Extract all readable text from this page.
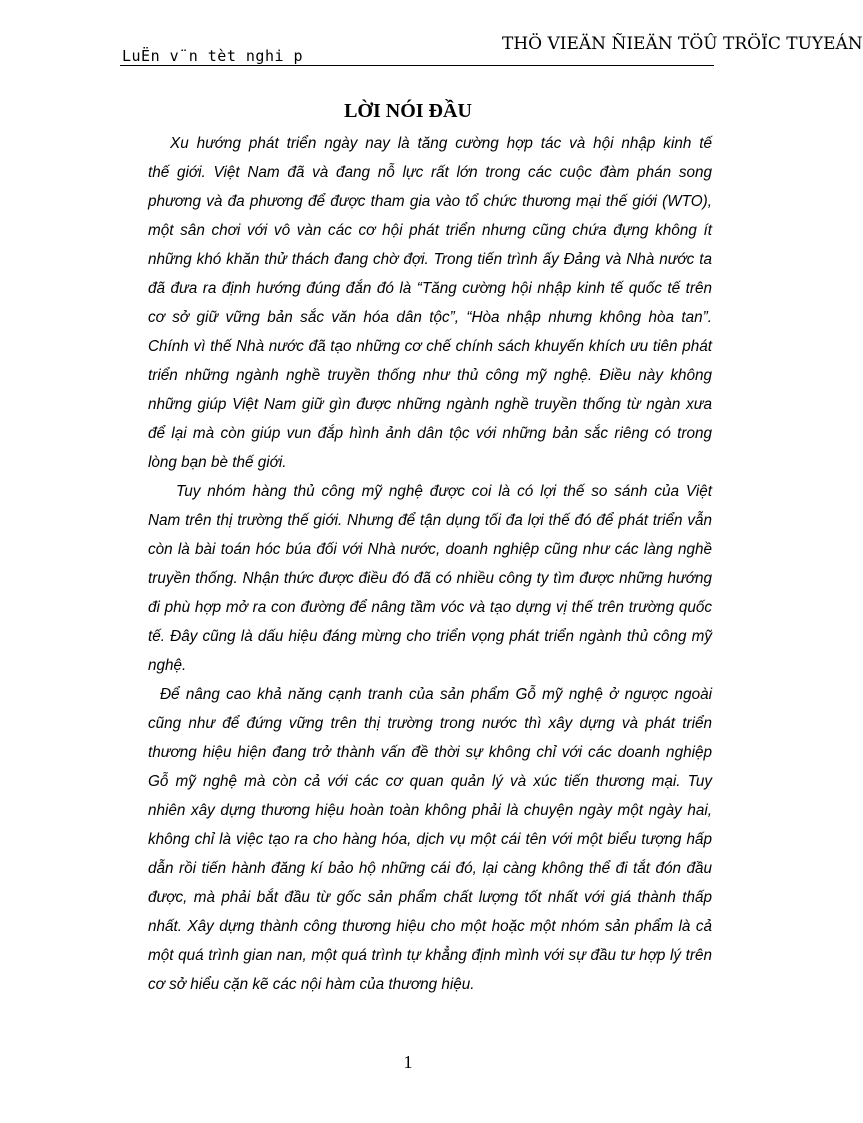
LuËn v¨n tèt nghi p
THÖ VIEÄN ÑIEÄN TÖÛ TRÖÏC TUYEÁN
LỜI NÓI ĐẦU
Xu hướng phát triển ngày nay là tăng cường hợp tác và hội nhập kinh tế
thế giới. Việt Nam đã và đang nỗ lực rất lớn trong các cuộc đàm phán song
phương và đa phương để được tham gia vào tổ chức thương mại thế giới (WTO),
một sân chơi với vô vàn các cơ hội phát triển nhưng cũng chứa đựng không ít
những khó khăn thử thách đang chờ đợi. Trong tiến trình ấy Đảng và Nhà nước ta
đã đưa ra định hướng đúng đắn đó là “Tăng cường hội nhập kinh tế quốc tế trên
cơ sở giữ vững bản sắc văn hóa dân tộc”, “Hòa nhập nhưng không hòa tan”.
Chính vì thế Nhà nước đã tạo những cơ chế chính sách khuyến khích ưu tiên phát
triển những ngành nghề truyền thống như thủ công mỹ nghệ. Điều này không
những giúp Việt Nam giữ gìn được những ngành nghề truyền thống từ ngàn xưa
để lại mà còn giúp vun đắp hình ảnh dân tộc với những bản sắc riêng có trong
lòng bạn bè thế giới.
Tuy nhóm hàng thủ công mỹ nghệ được coi là có lợi thế so sánh của Việt
Nam trên thị trường thế giới. Nhưng để tận dụng tối đa lợi thế đó để phát triển vẫn
còn là bài toán hóc búa đối với Nhà nước, doanh nghiệp cũng như các làng nghề
truyền thống. Nhận thức được điều đó đã có nhiều công ty tìm được những hướng
đi phù hợp mở ra con đường để nâng tầm vóc và tạo dựng vị thế trên trường quốc
tế. Đây cũng là dấu hiệu đáng mừng cho triển vọng phát triển ngành thủ công mỹ
nghệ.
Để nâng cao khả năng cạnh tranh của sản phẩm Gỗ mỹ nghệ ở ngược ngoài
cũng như để đứng vững trên thị trường trong nước thì xây dựng và phát triển
thương hiệu hiện đang trở thành vấn đề thời sự không chỉ với các doanh nghiệp
Gỗ mỹ nghệ mà còn cả với các cơ quan quản lý và xúc tiến thương mại. Tuy
nhiên xây dựng thương hiệu hoàn toàn không phải là chuyện ngày một ngày hai,
không chỉ là việc tạo ra cho hàng hóa, dịch vụ một cái tên với một biểu tượng hấp
dẫn rồi tiến hành đăng kí bảo hộ những cái đó, lại càng không thể đi tắt đón đầu
được, mà phải bắt đầu từ gốc sản phẩm chất lượng tốt nhất với giá thành thấp
nhất. Xây dựng thành công thương hiệu cho một hoặc một nhóm sản phẩm là cả
một quá trình gian nan, một quá trình tự khẳng định mình với sự đầu tư hợp lý trên
cơ sở hiểu cặn kẽ các nội hàm của thương hiệu.
1
